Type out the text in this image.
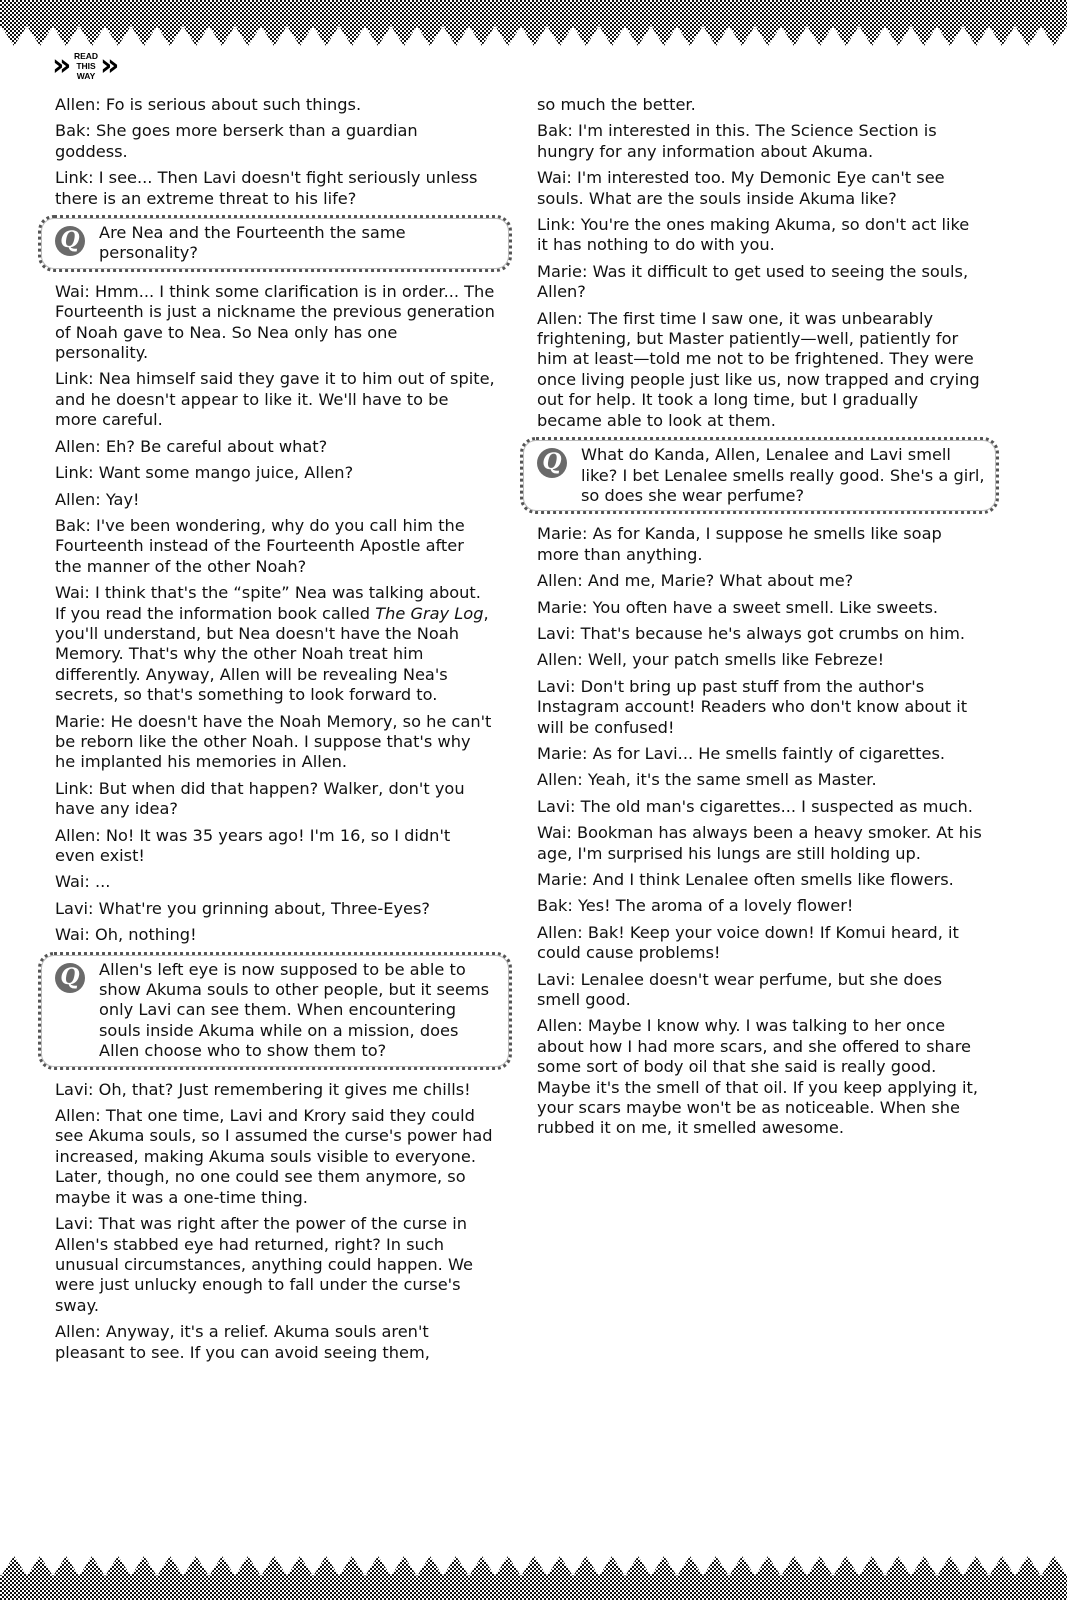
» READ
THIS
WAY »

Allen: Fo is serious about such things.

Bak: She goes more berserk than a guardian goddess.

Link: I see... Then Lavi doesn't fight seriously unless there is an extreme threat to his life?

Q	Are Nea and the Fourteenth the same personality?

Wai: Hmm... I think some clarification is in order... The Fourteenth is just a nickname the previous generation of Noah gave to Nea. So Nea only has one personality.

Link: Nea himself said they gave it to him out of spite, and he doesn't appear to like it. We'll have to be more careful.

Allen: Eh? Be careful about what?

Link: Want some mango juice, Allen?

Allen: Yay!

Bak: I've been wondering, why do you call him the Fourteenth instead of the Fourteenth Apostle after the manner of the other Noah?

Wai: I think that's the “spite” Nea was talking about. If you read the information book called The Gray Log, you'll understand, but Nea doesn't have the Noah Memory. That's why the other Noah treat him differently. Anyway, Allen will be revealing Nea's secrets, so that's something to look forward to.

Marie: He doesn't have the Noah Memory, so he can't be reborn like the other Noah. I suppose that's why he implanted his memories in Allen.

Link: But when did that happen? Walker, don't you have any idea?

Allen: No! It was 35 years ago! I'm 16, so I didn't even exist!

Wai: ...

Lavi: What're you grinning about, Three-Eyes?

Wai: Oh, nothing!

Q	Allen's left eye is now supposed to be able to show Akuma souls to other people, but it seems only Lavi can see them. When encountering souls inside Akuma while on a mission, does Allen choose who to show them to?

Lavi: Oh, that? Just remembering it gives me chills!

Allen: That one time, Lavi and Krory said they could see Akuma souls, so I assumed the curse's power had increased, making Akuma souls visible to everyone. Later, though, no one could see them anymore, so maybe it was a one-time thing.

Lavi: That was right after the power of the curse in Allen's stabbed eye had returned, right? In such unusual circumstances, anything could happen. We were just unlucky enough to fall under the curse's sway.

Allen: Anyway, it's a relief. Akuma souls aren't pleasant to see. If you can avoid seeing them,

so much the better.

Bak: I'm interested in this. The Science Section is hungry for any information about Akuma.

Wai: I'm interested too. My Demonic Eye can't see souls. What are the souls inside Akuma like?

Link: You're the ones making Akuma, so don't act like it has nothing to do with you.

Marie: Was it difficult to get used to seeing the souls, Allen?

Allen: The first time I saw one, it was unbearably frightening, but Master patiently—well, patiently for him at least—told me not to be frightened. They were once living people just like us, now trapped and crying out for help. It took a long time, but I gradually became able to look at them.

Q	What do Kanda, Allen, Lenalee and Lavi smell like? I bet Lenalee smells really good. She's a girl, so does she wear perfume?

Marie: As for Kanda, I suppose he smells like soap more than anything.

Allen: And me, Marie? What about me?

Marie: You often have a sweet smell. Like sweets.

Lavi: That's because he's always got crumbs on him.

Allen: Well, your patch smells like Febreze!

Lavi: Don't bring up past stuff from the author's Instagram account! Readers who don't know about it will be confused!

Marie: As for Lavi... He smells faintly of cigarettes.

Allen: Yeah, it's the same smell as Master.

Lavi: The old man's cigarettes... I suspected as much.

Wai: Bookman has always been a heavy smoker. At his age, I'm surprised his lungs are still holding up.

Marie: And I think Lenalee often smells like flowers.

Bak: Yes! The aroma of a lovely flower!

Allen: Bak! Keep your voice down! If Komui heard, it could cause problems!

Lavi: Lenalee doesn't wear perfume, but she does smell good.

Allen: Maybe I know why. I was talking to her once about how I had more scars, and she offered to share some sort of body oil that she said is really good. Maybe it's the smell of that oil. If you keep applying it, your scars maybe won't be as noticeable. When she rubbed it on me, it smelled awesome.
